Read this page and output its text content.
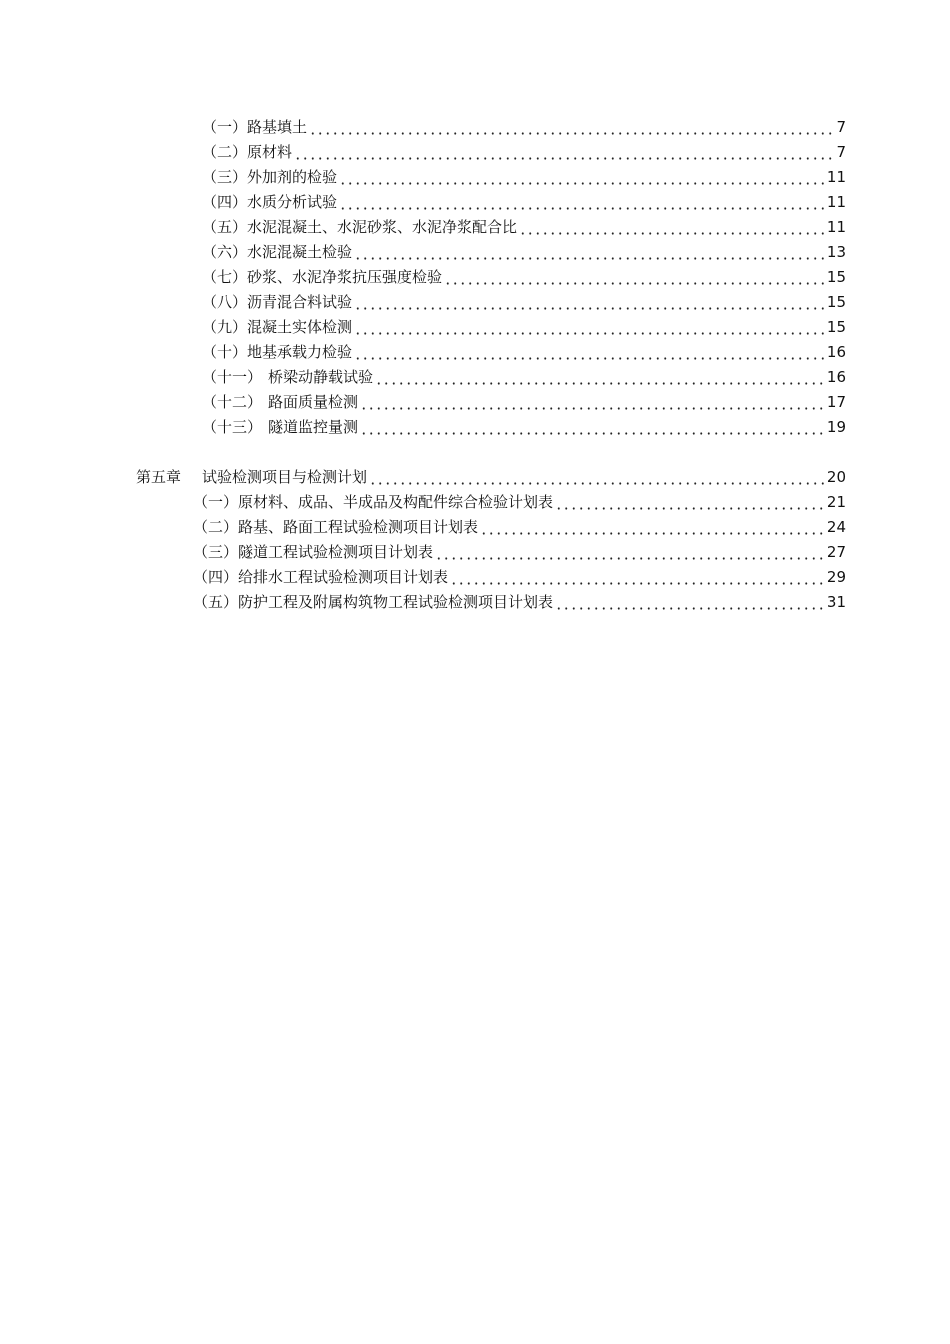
（一）路基填土	7
（二）原材料	7
（三）外加剂的检验	11
（四）水质分析试验	11
（五）水泥混凝土、水泥砂浆、水泥净浆配合比	11
（六）水泥混凝土检验	13
（七）砂浆、水泥净浆抗压强度检验	15
（八）沥青混合料试验	15
（九）混凝土实体检测	15
（十）地基承载力检验	16
（十一） 桥梁动静载试验	16
（十二） 路面质量检测	17
（十三） 隧道监控量测	19
第五章 试验检测项目与检测计划	20
（一）原材料、成品、半成品及构配件综合检验计划表	21
（二）路基、路面工程试验检测项目计划表	24
（三）隧道工程试验检测项目计划表	27
（四）给排水工程试验检测项目计划表	29
（五）防护工程及附属构筑物工程试验检测项目计划表	31
